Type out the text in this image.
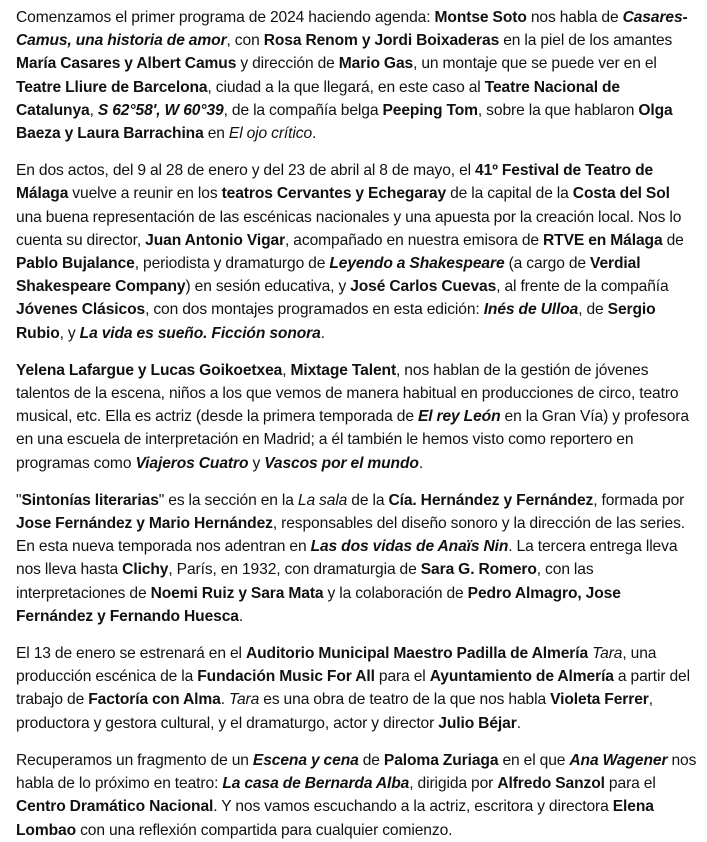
Comenzamos el primer programa de 2024 haciendo agenda: Montse Soto nos habla de Casares-Camus, una historia de amor, con Rosa Renom y Jordi Boixaderas en la piel de los amantes María Casares y Albert Camus y dirección de Mario Gas, un montaje que se puede ver en el Teatre Lliure de Barcelona, ciudad a la que llegará, en este caso al Teatre Nacional de Catalunya, S 62°58', W 60°39, de la compañía belga Peeping Tom, sobre la que hablaron Olga Baeza y Laura Barrachina en El ojo crítico.

En dos actos, del 9 al 28 de enero y del 23 de abril al 8 de mayo, el 41º Festival de Teatro de Málaga vuelve a reunir en los teatros Cervantes y Echegaray de la capital de la Costa del Sol una buena representación de las escénicas nacionales y una apuesta por la creación local. Nos lo cuenta su director, Juan Antonio Vigar, acompañado en nuestra emisora de RTVE en Málaga de Pablo Bujalance, periodista y dramaturgo de Leyendo a Shakespeare (a cargo de Verdial Shakespeare Company) en sesión educativa, y José Carlos Cuevas, al frente de la compañía Jóvenes Clásicos, con dos montajes programados en esta edición: Inés de Ulloa, de Sergio Rubio, y La vida es sueño. Ficción sonora.

Yelena Lafargue y Lucas Goikoetxea, Mixtage Talent, nos hablan de la gestión de jóvenes talentos de la escena, niños a los que vemos de manera habitual en producciones de circo, teatro musical, etc. Ella es actriz (desde la primera temporada de El rey León en la Gran Vía) y profesora en una escuela de interpretación en Madrid; a él también le hemos visto como reportero en programas como Viajeros Cuatro y Vascos por el mundo.

"Sintonías literarias" es la sección en la La sala de la Cía. Hernández y Fernández, formada por Jose Fernández y Mario Hernández, responsables del diseño sonoro y la dirección de las series. En esta nueva temporada nos adentran en Las dos vidas de Anaïs Nin. La tercera entrega lleva nos lleva hasta Clichy, París, en 1932, con dramaturgia de Sara G. Romero, con las interpretaciones de Noemi Ruiz y Sara Mata y la colaboración de Pedro Almagro, Jose Fernández y Fernando Huesca.

El 13 de enero se estrenará en el Auditorio Municipal Maestro Padilla de Almería Tara, una producción escénica de la Fundación Music For All para el Ayuntamiento de Almería a partir del trabajo de Factoría con Alma. Tara es una obra de teatro de la que nos habla Violeta Ferrer, productora y gestora cultural, y el dramaturgo, actor y director Julio Béjar.

Recuperamos un fragmento de un Escena y cena de Paloma Zuriaga en el que Ana Wagener nos habla de lo próximo en teatro: La casa de Bernarda Alba, dirigida por Alfredo Sanzol para el Centro Dramático Nacional. Y nos vamos escuchando a la actriz, escritora y directora Elena Lombao con una reflexión compartida para cualquier comienzo.
